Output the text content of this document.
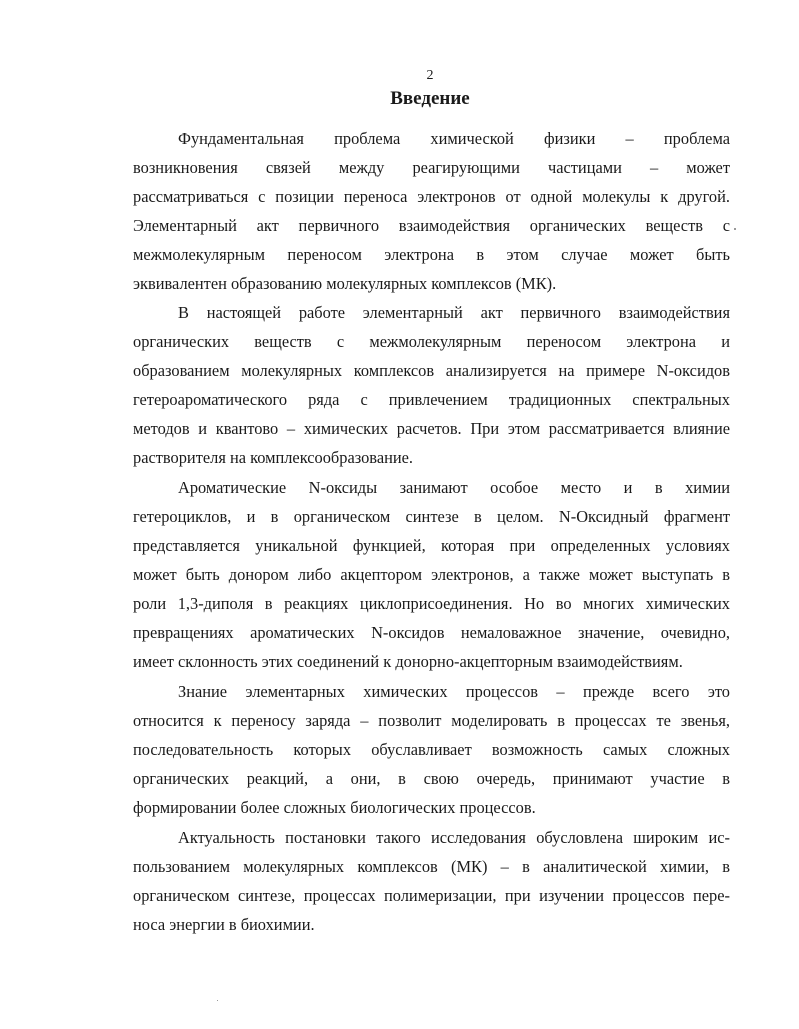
2
Введение
Фундаментальная проблема химической физики – проблема
возникновения связей между реагирующими частицами – может
рассматриваться с позиции переноса электронов от одной молекулы к другой.
Элементарный акт первичного взаимодействия органических веществ с
межмолекулярным переносом электрона в этом случае может быть
эквивалентен образованию молекулярных комплексов (МК).
В настоящей работе элементарный акт первичного взаимодействия
органических веществ с межмолекулярным переносом электрона и
образованием молекулярных комплексов анализируется на примере N-оксидов
гетероароматического ряда с привлечением традиционных спектральных
методов и квантово – химических расчетов. При этом рассматривается влияние
растворителя на комплексообразование.
Ароматические N-оксиды занимают особое место и в химии
гетероциклов, и в органическом синтезе в целом. N-Оксидный фрагмент
представляется уникальной функцией, которая при определенных условиях
может быть донором либо акцептором электронов, а также может выступать в
роли 1,3-диполя в реакциях циклоприсоединения. Но во многих химических
превращениях ароматических N-оксидов немаловажное значение, очевидно,
имеет склонность этих соединений к донорно-акцепторным взаимодействиям.
Знание элементарных химических процессов – прежде всего это
относится к переносу заряда – позволит моделировать в процессах те звенья,
последовательность которых обуславливает возможность самых сложных
органических реакций, а они, в свою очередь, принимают участие в
формировании более сложных биологических процессов.
Актуальность постановки такого исследования обусловлена широким ис-
пользованием молекулярных комплексов (МК) – в аналитической химии, в
органическом синтезе, процессах полимеризации, при изучении процессов пере-
носа энергии в биохимии.
